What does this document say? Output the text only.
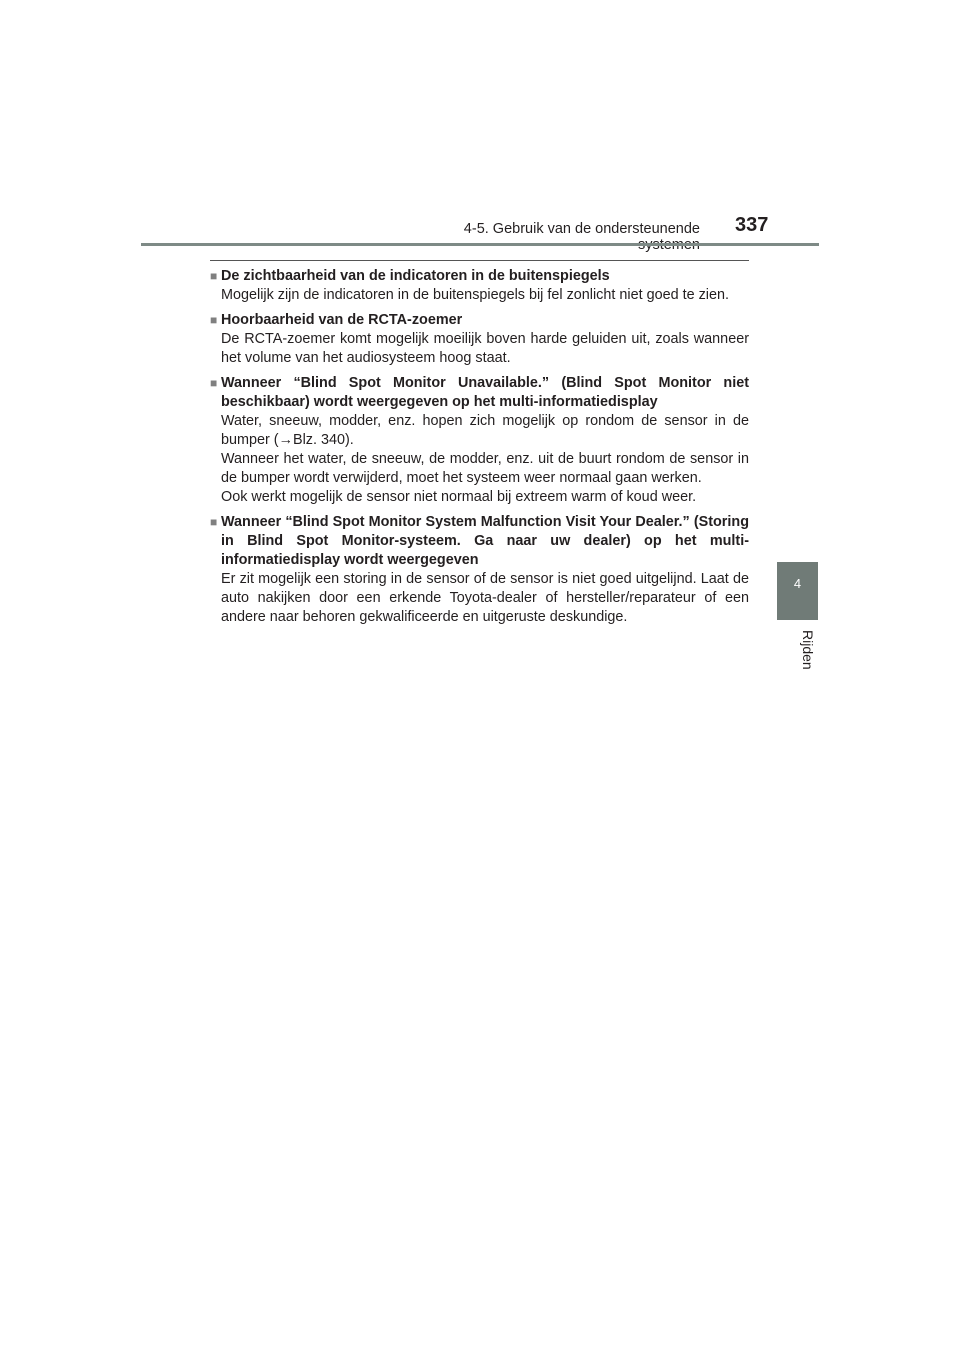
4-5. Gebruik van de ondersteunende 337
4
Rijden
■ De zichtbaarheid van de indicatoren in de buitenspiegels

Mogelijk zijn de indicatoren in de buitenspiegels bij fel zonlicht niet goed te zien.

■ Hoorbaarheid van de RCTA-zoemer

De RCTA-zoemer komt mogelijk moeilijk boven harde geluiden uit, zoals wanneer het volume van het audiosysteem hoog staat.

■ Wanneer “Blind Spot Monitor Unavailable.” (Blind Spot Monitor niet beschikbaar) wordt weergegeven op het multi-informatiedisplay

Water, sneeuw, modder, enz. hopen zich mogelijk op rondom de sensor in de bumper (→Blz. 340).

Wanneer het water, de sneeuw, de modder, enz. uit de buurt rondom de sensor in de bumper wordt verwijderd, moet het systeem weer normaal gaan werken.

Ook werkt mogelijk de sensor niet normaal bij extreem warm of koud weer.

■ Wanneer “Blind Spot Monitor System Malfunction Visit Your Dealer.” (Storing in Blind Spot Monitor-systeem. Ga naar uw dealer) op het multi-informatiedisplay wordt weergegeven

Er zit mogelijk een storing in de sensor of de sensor is niet goed uitgelijnd. Laat de auto nakijken door een erkende Toyota-dealer of hersteller/reparateur of een andere naar behoren gekwalificeerde en uitgeruste deskundige.
